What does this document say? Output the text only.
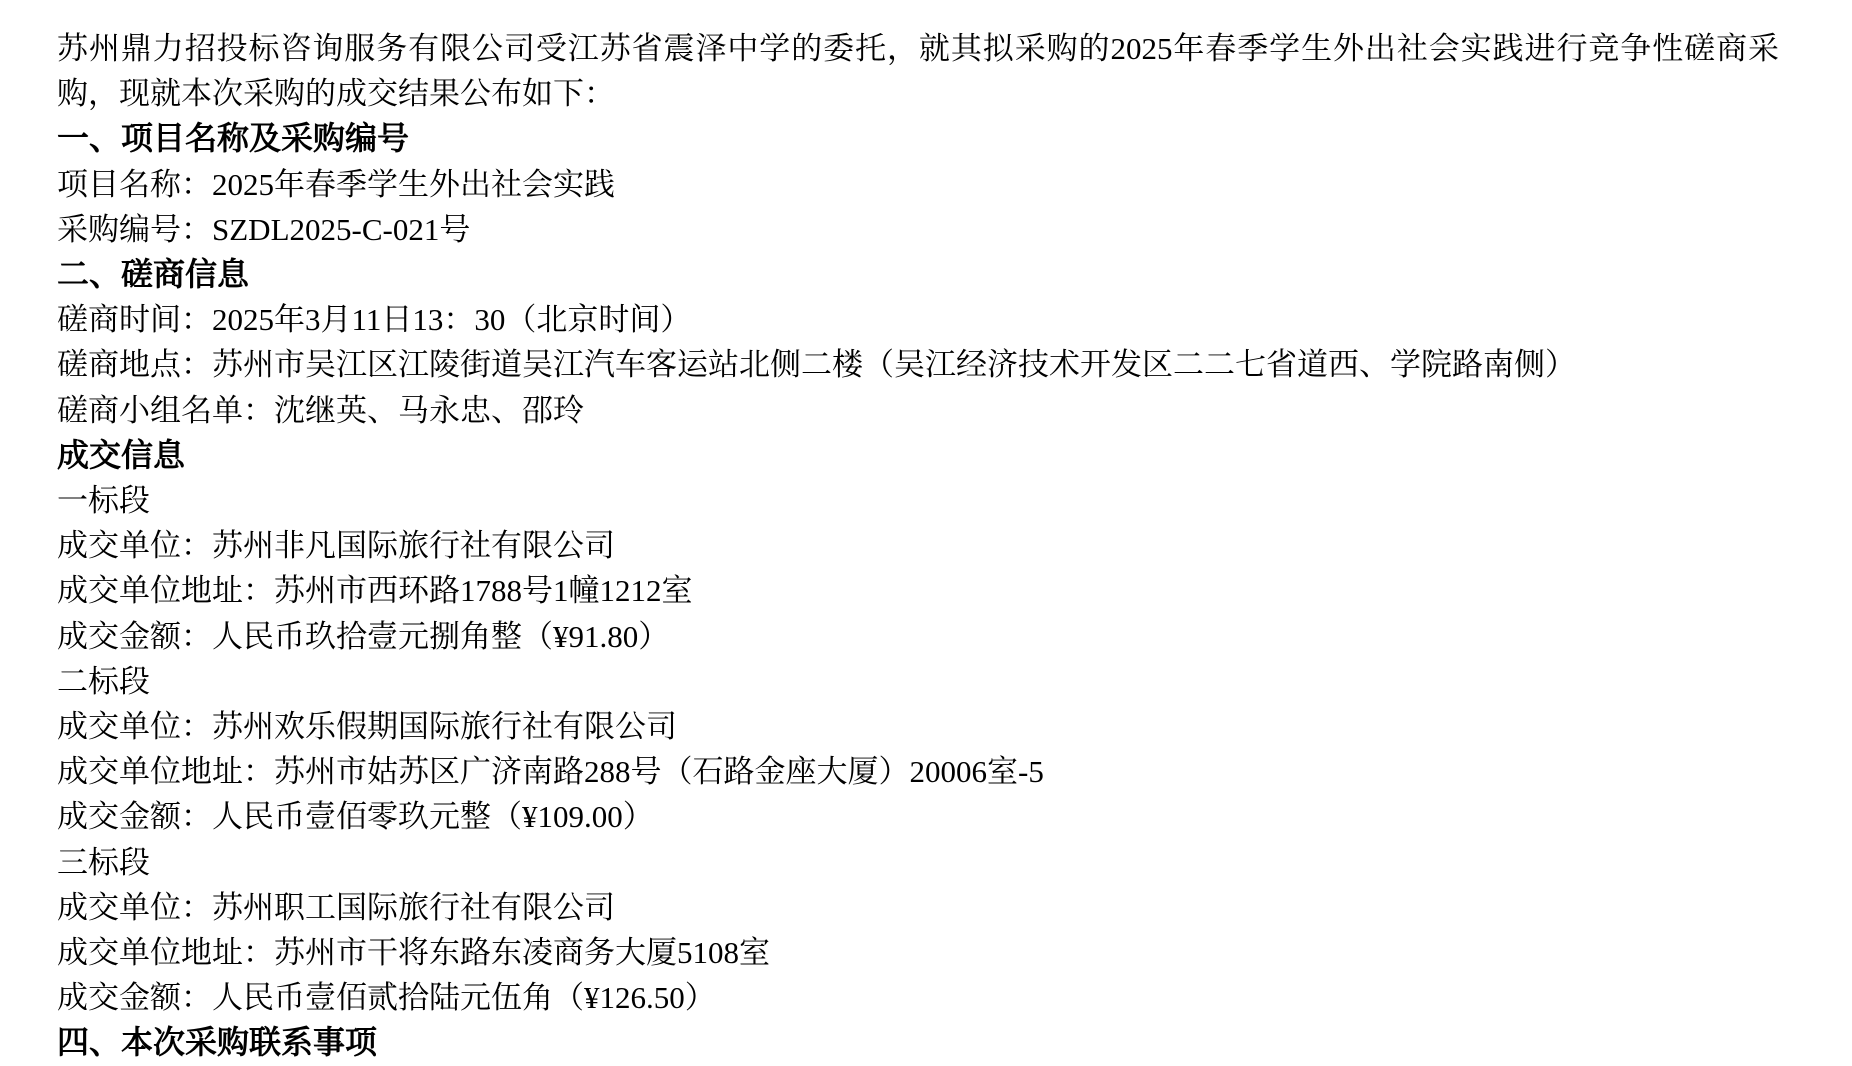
苏州鼎力招投标咨询服务有限公司受江苏省震泽中学的委托，就其拟采购的2025年春季学生外出社会实践进行竞争性磋商采购，现就本次采购的成交结果公布如下：

一、项目名称及采购编号

项目名称：2025年春季学生外出社会实践

采购编号：SZDL2025-C-021号

二、磋商信息

磋商时间：2025年3月11日13：30（北京时间）

磋商地点：苏州市吴江区江陵街道吴江汽车客运站北侧二楼（吴江经济技术开发区二二七省道西、学院路南侧）

磋商小组名单：沈继英、马永忠、邵玲

成交信息

一标段

成交单位：苏州非凡国际旅行社有限公司

成交单位地址：苏州市西环路1788号1幢1212室

成交金额：人民币玖拾壹元捌角整（¥91.80）

二标段

成交单位：苏州欢乐假期国际旅行社有限公司

成交单位地址：苏州市姑苏区广济南路288号（石路金座大厦）20006室-5

成交金额：人民币壹佰零玖元整（¥109.00）

三标段

成交单位：苏州职工国际旅行社有限公司

成交单位地址：苏州市干将东路东凌商务大厦5108室

成交金额：人民币壹佰贰拾陆元伍角（¥126.50）

四、本次采购联系事项
